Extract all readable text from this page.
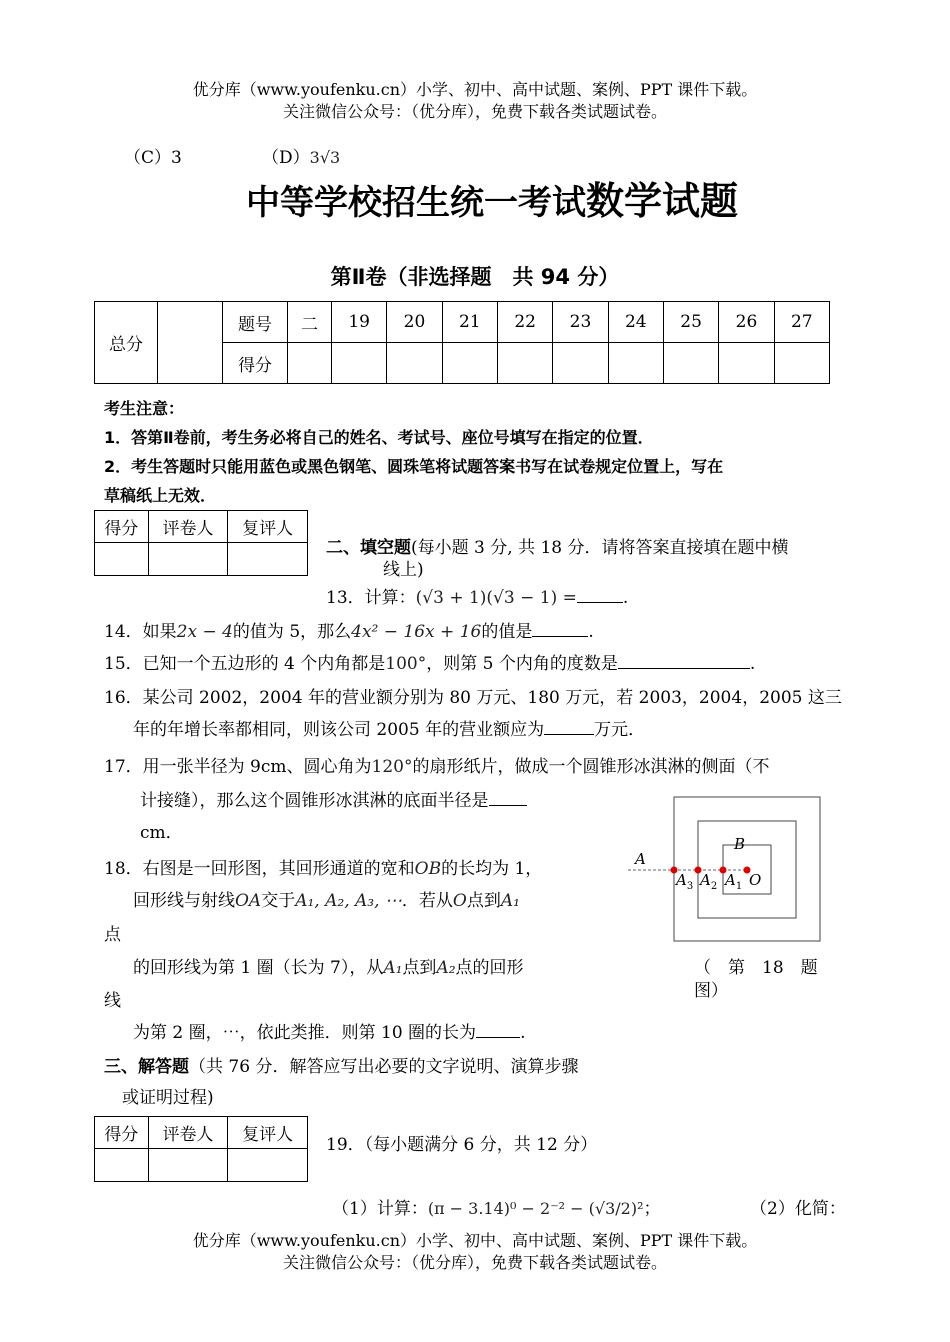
优分库（www.youfenku.cn）小学、初中、高中试题、案例、PPT 课件下载。
关注微信公众号：（优分库），免费下载各类试题试卷。
（C）3	（D）3√3
中等学校招生统一考试数学试题
第Ⅱ卷（非选择题　共 94 分）
总分		题号	二	19	20	21	22	23	24	25	26	27
		得分										
考生注意：
1．答第Ⅱ卷前，考生务必将自己的姓名、考试号、座位号填写在指定的位置．
2．考生答题时只能用蓝色或黑色钢笔、圆珠笔将试题答案书写在试卷规定位置上，写在
草稿纸上无效．
得分	评卷人	复评人

二、填空题(每小题 3 分, 共 18 分．请将答案直接填在题中横
线上)
13．计算：(√3 + 1)(√3 − 1) =	.
14．如果2x − 4的值为 5，那么4x² − 16x + 16的值是	.
15．已知一个五边形的 4 个内角都是100°，则第 5 个内角的度数是	.
16．某公司 2002，2004 年的营业额分别为 80 万元、180 万元，若 2003，2004，2005 这三
年的年增长率都相同，则该公司 2005 年的营业额应为	万元．
17．用一张半径为 9cm、圆心角为120°的扇形纸片，做成一个圆锥形冰淇淋的侧面（不
计接缝），那么这个圆锥形冰淇淋的底面半径是
cm．
18．右图是一回形图，其回形通道的宽和OB的长均为 1，
回形线与射线OA交于A₁, A₂, A₃, ⋯．若从O点到A₁
点
的回形线为第 1 圈（长为 7），从A₁点到A₂点的回形
线
为第 2 圈，⋯，依此类推．则第 10 圈的长为	.
A
B
$A_3$ $A_2$ $A_1$ O
（　第　18　题
图）
三、解答题（共 76 分．解答应写出必要的文字说明、演算步骤
或证明过程)
得分	评卷人	复评人
		19．（每小题满分 6 分，共 12 分）
（1）计算：(π − 3.14)⁰ − 2⁻² − (√3/2)²；	（2）化简：
优分库（www.youfenku.cn）小学、初中、高中试题、案例、PPT 课件下载。
关注微信公众号：（优分库），免费下载各类试题试卷。
